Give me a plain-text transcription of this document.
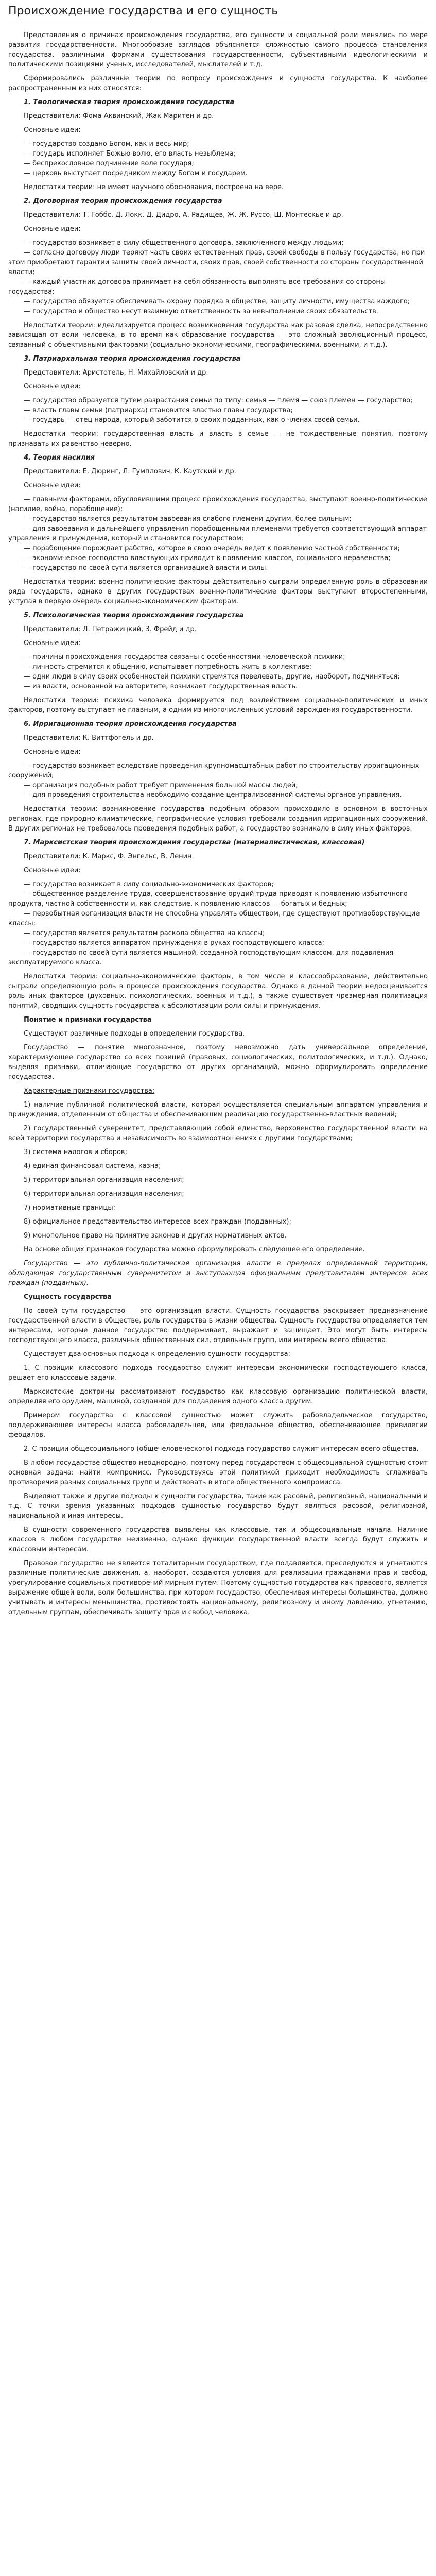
Происхождение государства и его сущность

Представления о причинах происхождения государства, его сущности и социальной роли менялись по мере развития государственности. Многообразие взглядов объясняется сложностью самого процесса становления государства, различными формами существования государственности, субъективными идеологическими и политическими позициями ученых, исследователей, мыслителей и т.д.

Сформировались различные теории по вопросу происхождения и сущности государства. К наиболее распространенным из них относятся:

1. Теологическая теория происхождения государства

Представители: Фома Аквинский, Жак Маритен и др.

Основные идеи:

— государство создано Богом, как и весь мир;
— государь исполняет Божью волю, его власть незыблема;
— беспрекословное подчинение воле государя;
— церковь выступает посредником между Богом и государем.

Недостатки теории: не имеет научного обоснования, построена на вере.

2. Договорная теория происхождения государства

Представители: Т. Гоббс, Д. Локк, Д. Дидро, А. Радищев, Ж.-Ж. Руссо, Ш. Монтескье и др.

Основные идеи:

— государство возникает в силу общественного договора, заключенного между людьми;
— согласно договору люди теряют часть своих естественных прав, своей свободы в пользу государства, но при этом приобретают гарантии защиты своей личности, своих прав, своей собственности со стороны государственной власти;
— каждый участник договора принимает на себя обязанность выполнять все требования со стороны государства;
— государство обязуется обеспечивать охрану порядка в обществе, защиту личности, имущества каждого;
— государство и общество несут взаимную ответственность за невыполнение своих обязательств.

Недостатки теории: идеализируется процесс возникновения государства как разовая сделка, непосредственно зависящая от воли человека, в то время как образование государства — это сложный эволюционный процесс, связанный с объективными факторами (социально-экономическими, географическими, военными, и т.д.).

3. Патриархальная теория происхождения государства

Представители: Аристотель, Н. Михайловский и др.

Основные идеи:

— государство образуется путем разрастания семьи по типу: семья — племя — союз племен — государство;
— власть главы семьи (патриарха) становится властью главы государства;
— государь — отец народа, который заботится о своих подданных, как о членах своей семьи.

Недостатки теории: государственная власть и власть в семье — не тождественные понятия, поэтому признавать их равенство неверно.

4. Теория насилия

Представители: Е. Дюринг, Л. Гумплович, К. Каутский и др.

Основные идеи:

— главными факторами, обусловившими процесс происхождения государства, выступают военно-политические (насилие, война, порабощение);
— государство является результатом завоевания слабого племени другим, более сильным;
— для завоевания и дальнейшего управления порабощенными племенами требуется соответствующий аппарат управления и принуждения, который и становится государством;
— порабощение порождает рабство, которое в свою очередь ведет к появлению частной собственности;
— экономическое господство властвующих приводит к появлению классов, социального неравенства;
— государство по своей сути является организацией власти и силы.

Недостатки теории: военно-политические факторы действительно сыграли определенную роль в образовании ряда государств, однако в других государствах военно-политические факторы выступают второстепенными, уступая в первую очередь социально-экономическим факторам.

5. Психологическая теория происхождения государства

Представители: Л. Петражицкий, З. Фрейд и др.

Основные идеи:

— причины происхождения государства связаны с особенностями человеческой психики;
— личность стремится к общению, испытывает потребность жить в коллективе;
— одни люди в силу своих особенностей психики стремятся повелевать, другие, наоборот, подчиняться;
— из власти, основанной на авторитете, возникает государственная власть.

Недостатки теории: психика человека формируется под воздействием социально-политических и иных факторов, поэтому выступает не главным, а одним из многочисленных условий зарождения государственности.

6. Ирригационная теория происхождения государства

Представители: К. Виттфогель и др.

Основные идеи:

— государство возникает вследствие проведения крупномасштабных работ по строительству ирригационных сооружений;
— организация подобных работ требует применения большой массы людей;
— для проведения строительства необходимо создание централизованной системы органов управления.

Недостатки теории: возникновение государства подобным образом происходило в основном в восточных регионах, где природно-климатические, географические условия требовали создания ирригационных сооружений. В других регионах не требовалось проведения подобных работ, а государство возникало в силу иных факторов.

7. Марксистская теория происхождения государства (материалистическая, классовая)

Представители: К. Маркс, Ф. Энгельс, В. Ленин.

Основные идеи:

— государство возникает в силу социально-экономических факторов;
— общественное разделение труда, совершенствование орудий труда приводят к появлению избыточного продукта, частной собственности и, как следствие, к появлению классов — богатых и бедных;
— первобытная организация власти не способна управлять обществом, где существуют противоборствующие классы;
— государство является результатом раскола общества на классы;
— государство является аппаратом принуждения в руках господствующего класса;
— государство по своей сути является машиной, созданной господствующим классом, для подавления эксплуатируемого класса.

Недостатки теории: социально-экономические факторы, в том числе и классообразование, действительно сыграли определяющую роль в процессе происхождения государства. Однако в данной теории недооценивается роль иных факторов (духовных, психологических, военных и т.д.), а также существует чрезмерная политизация понятий, сводящих сущность государства к абсолютизации роли силы и принуждения.

Понятие и признаки государства

Существуют различные подходы в определении государства.

Государство — понятие многозначное, поэтому невозможно дать универсальное определение, характеризующее государство со всех позиций (правовых, социологических, политологических, и т.д.). Однако, выделяя признаки, отличающие государство от других организаций, можно сформулировать определение государства.

Характерные признаки государства:

1) наличие публичной политической власти, которая осуществляется специальным аппаратом управления и принуждения, отделенным от общества и обеспечивающим реализацию государственно-властных велений;

2) государственный суверенитет, представляющий собой единство, верховенство государственной власти на всей территории государства и независимость во взаимоотношениях с другими государствами;

3) система налогов и сборов;

4) единая финансовая система, казна;

5) территориальная организация населения;

6) территориальная организация населения;

7) нормативные границы;

8) официальное представительство интересов всех граждан (подданных);

9) монопольное право на принятие законов и других нормативных актов.

На основе общих признаков государства можно сформулировать следующее его определение.

Государство — это публично-политическая организация власти в пределах определенной территории, обладающая государственным суверенитетом и выступающая официальным представителем интересов всех граждан (подданных).

Сущность государства

По своей сути государство — это организация власти. Сущность государства раскрывает предназначение государственной власти в обществе, роль государства в жизни общества. Сущность государства определяется тем интересами, которые данное государство поддерживает, выражает и защищает. Это могут быть интересы господствующего класса, различных общественных сил, отдельных групп, или интересы всего общества.

Существует два основных подхода к определению сущности государства:

1. С позиции классового подхода государство служит интересам экономически господствующего класса, решает его классовые задачи.

Марксистские доктрины рассматривают государство как классовую организацию политической власти, определяя его орудием, машиной, созданной для подавления одного класса другим.

Примером государства с классовой сущностью может служить рабовладельческое государство, поддерживающее интересы класса рабовладельцев, или феодальное общество, обеспечивающее привилегии феодалов.

2. С позиции общесоциального (общечеловеческого) подхода государство служит интересам всего общества.

В любом государстве общество неоднородно, поэтому перед государством с общесоциальной сущностью стоит основная задача: найти компромисс. Руководствуясь этой политикой приходит необходимость сглаживать противоречия разных социальных групп и действовать в итоге общественного компромисса.

Выделяют также и другие подходы к сущности государства, такие как расовый, религиозный, национальный и т.д. С точки зрения указанных подходов сущностью государство будут являться расовой, религиозной, национальной и иная интересы.

В сущности современного государства выявлены как классовые, так и общесоциальные начала. Наличие классов в любом государстве неизменно, однако функции государственной власти всегда будут служить и классовым интересам.

Правовое государство не является тоталитарным государством, где подавляется, преследуются и угнетаются различные политические движения, а, наоборот, создаются условия для реализации гражданами прав и свобод, урегулирование социальных противоречий мирным путем. Поэтому сущностью государства как правового, является выражение общей воли, воли большинства, при котором государство, обеспечивая интересы большинства, должно учитывать и интересы меньшинства, противостоять национальному, религиозному и иному давлению, угнетению, отдельным группам, обеспечивать защиту прав и свобод человека.
